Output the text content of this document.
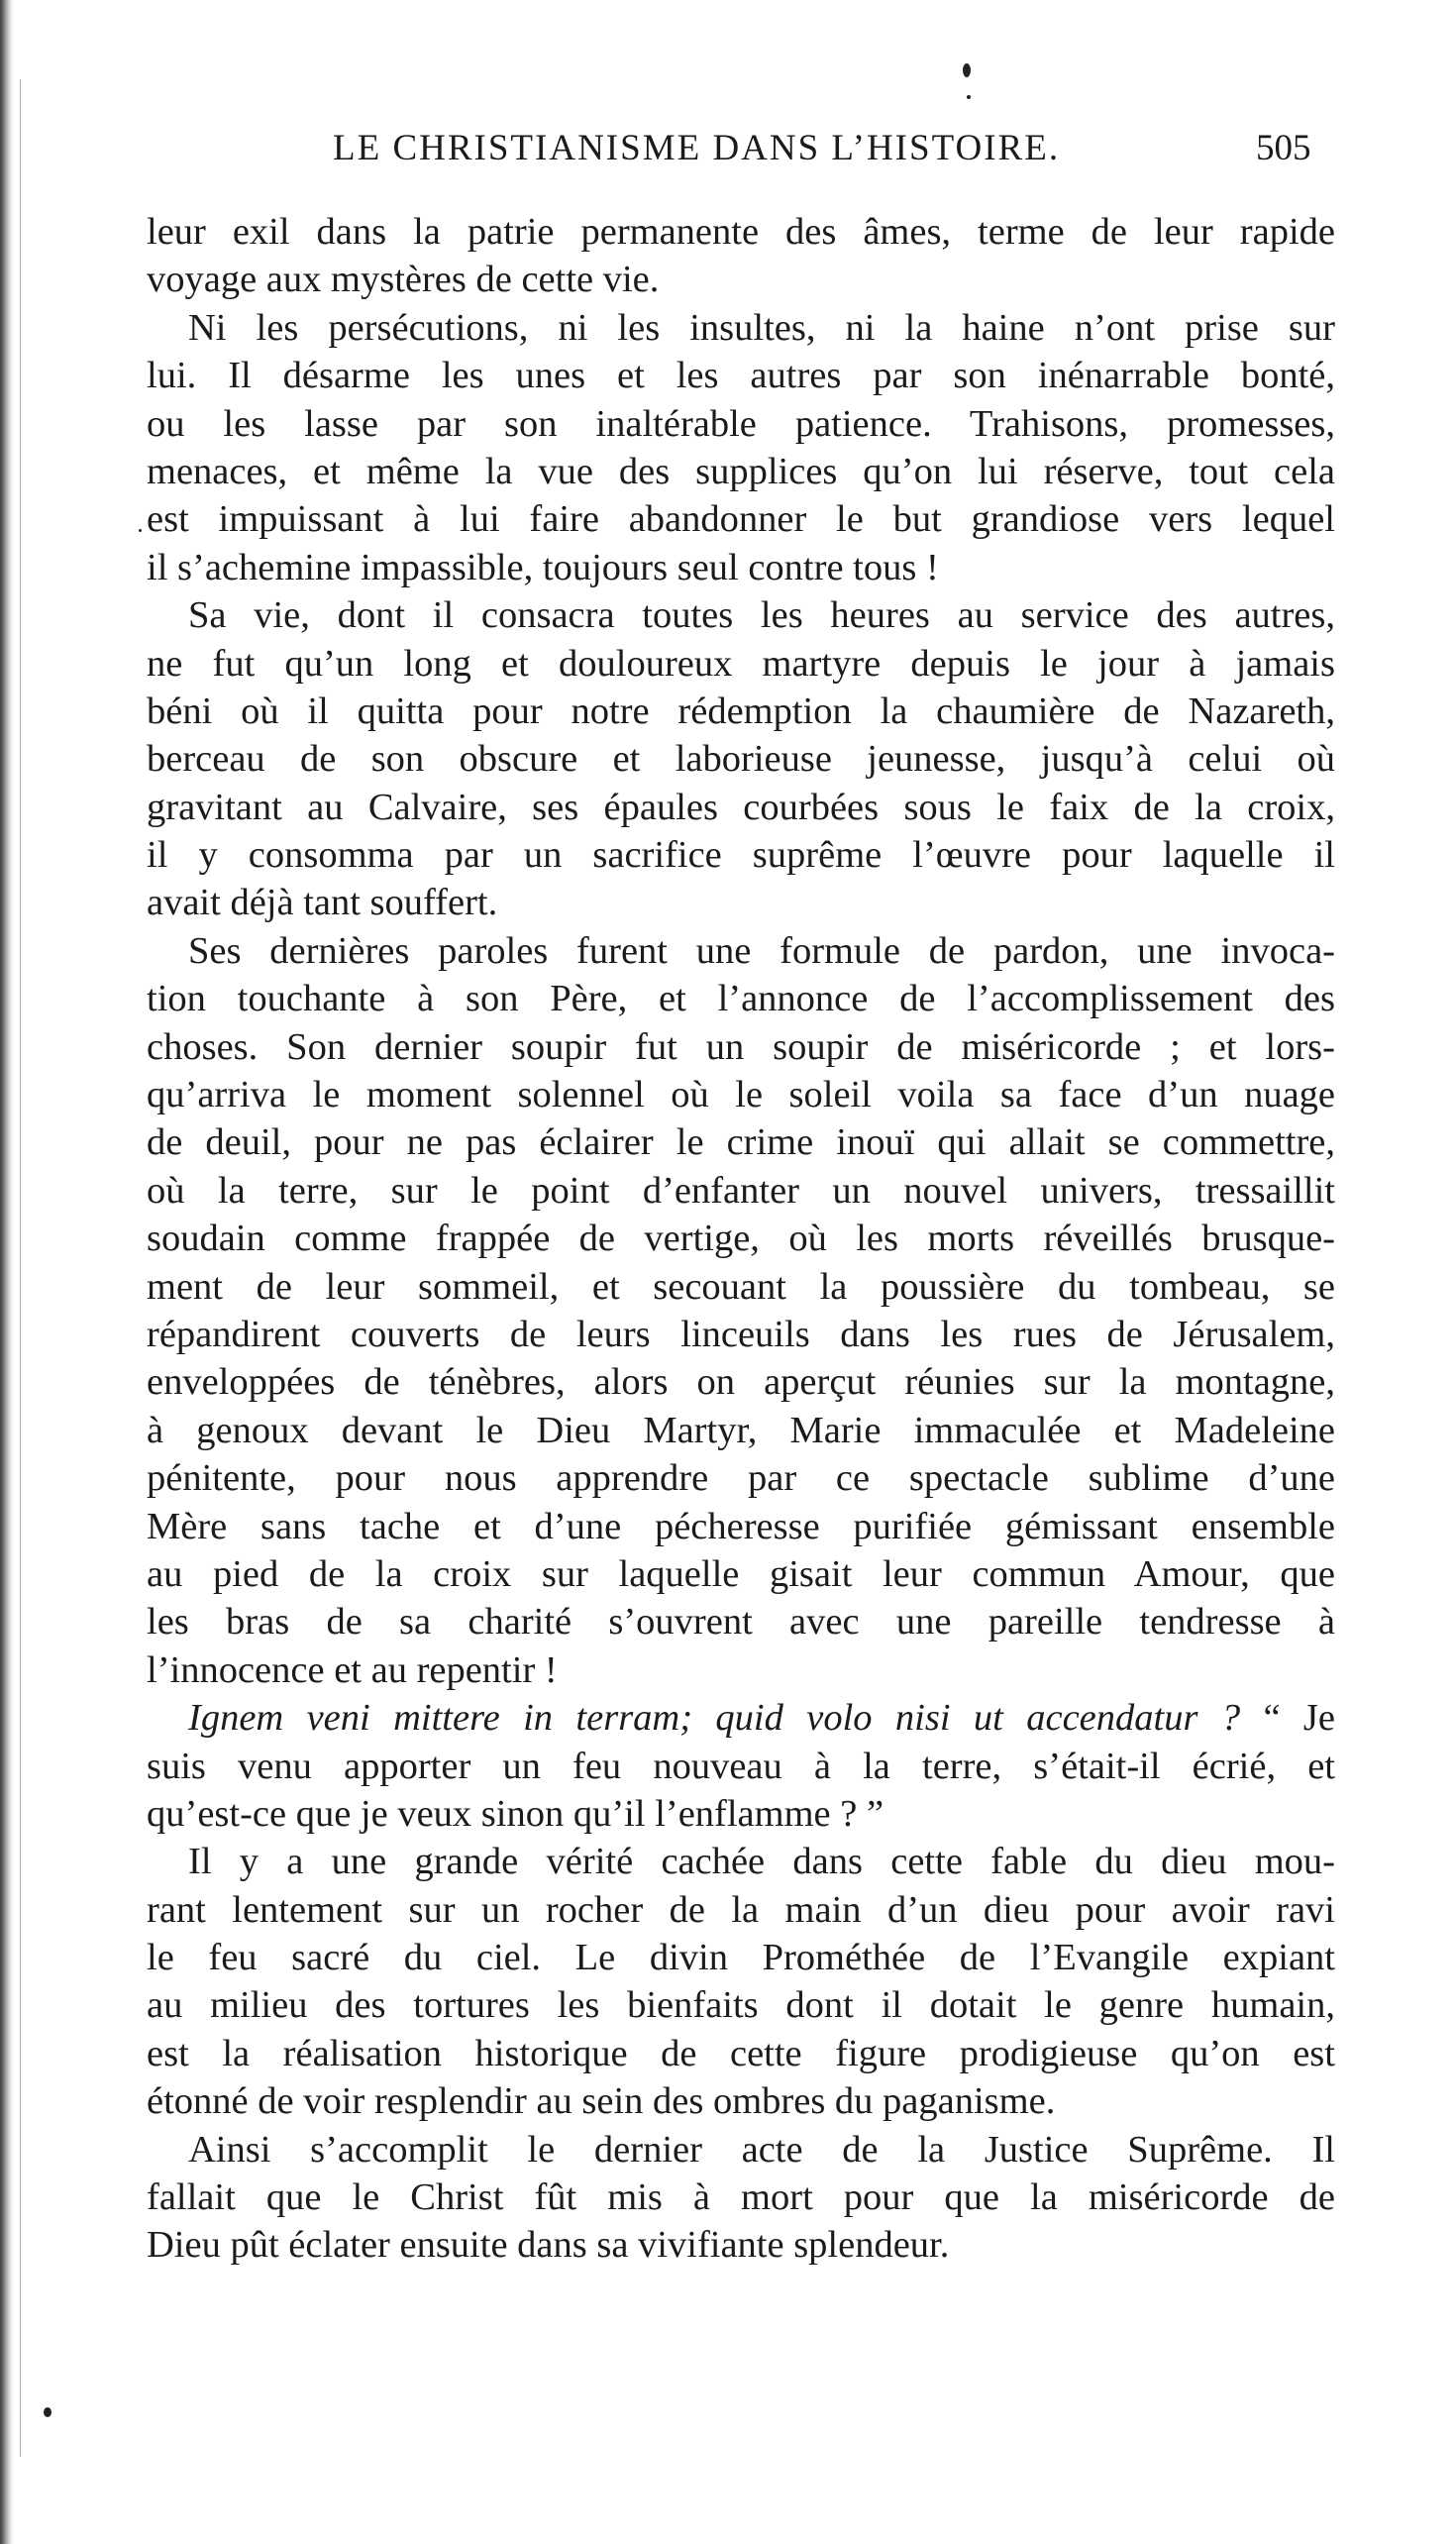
LE CHRISTIANISME DANS L’HISTOIRE.	505
leur exil dans la patrie permanente des âmes, terme de leur rapide
voyage aux mystères de cette vie.
Ni les persécutions, ni les insultes, ni la haine n’ont prise sur
lui. Il désarme les unes et les autres par son inénarrable bonté,
ou les lasse par son inaltérable patience. Trahisons, promesses,
menaces, et même la vue des supplices qu’on lui réserve, tout cela
est impuissant à lui faire abandonner le but grandiose vers lequel
il s’achemine impassible, toujours seul contre tous !
Sa vie, dont il consacra toutes les heures au service des autres,
ne fut qu’un long et douloureux martyre depuis le jour à jamais
béni où il quitta pour notre rédemption la chaumière de Nazareth,
berceau de son obscure et laborieuse jeunesse, jusqu’à celui où
gravitant au Calvaire, ses épaules courbées sous le faix de la croix,
il y consomma par un sacrifice suprême l’œuvre pour laquelle il
avait déjà tant souffert.
Ses dernières paroles furent une formule de pardon, une invoca-
tion touchante à son Père, et l’annonce de l’accomplissement des
choses. Son dernier soupir fut un soupir de miséricorde ; et lors-
qu’arriva le moment solennel où le soleil voila sa face d’un nuage
de deuil, pour ne pas éclairer le crime inouï qui allait se commettre,
où la terre, sur le point d’enfanter un nouvel univers, tressaillit
soudain comme frappée de vertige, où les morts réveillés brusque-
ment de leur sommeil, et secouant la poussière du tombeau, se
répandirent couverts de leurs linceuils dans les rues de Jérusalem,
enveloppées de ténèbres, alors on aperçut réunies sur la montagne,
à genoux devant le Dieu Martyr, Marie immaculée et Madeleine
pénitente, pour nous apprendre par ce spectacle sublime d’une
Mère sans tache et d’une pécheresse purifiée gémissant ensemble
au pied de la croix sur laquelle gisait leur commun Amour, que
les bras de sa charité s’ouvrent avec une pareille tendresse à
l’innocence et au repentir !
Ignem veni mittere in terram; quid volo nisi ut accendatur ? “ Je
suis venu apporter un feu nouveau à la terre, s’était-il écrié, et
qu’est-ce que je veux sinon qu’il l’enflamme ? ”
Il y a une grande vérité cachée dans cette fable du dieu mou-
rant lentement sur un rocher de la main d’un dieu pour avoir ravi
le feu sacré du ciel. Le divin Prométhée de l’Evangile expiant
au milieu des tortures les bienfaits dont il dotait le genre humain,
est la réalisation historique de cette figure prodigieuse qu’on est
étonné de voir resplendir au sein des ombres du paganisme.
Ainsi s’accomplit le dernier acte de la Justice Suprême. Il
fallait que le Christ fût mis à mort pour que la miséricorde de
Dieu pût éclater ensuite dans sa vivifiante splendeur.
